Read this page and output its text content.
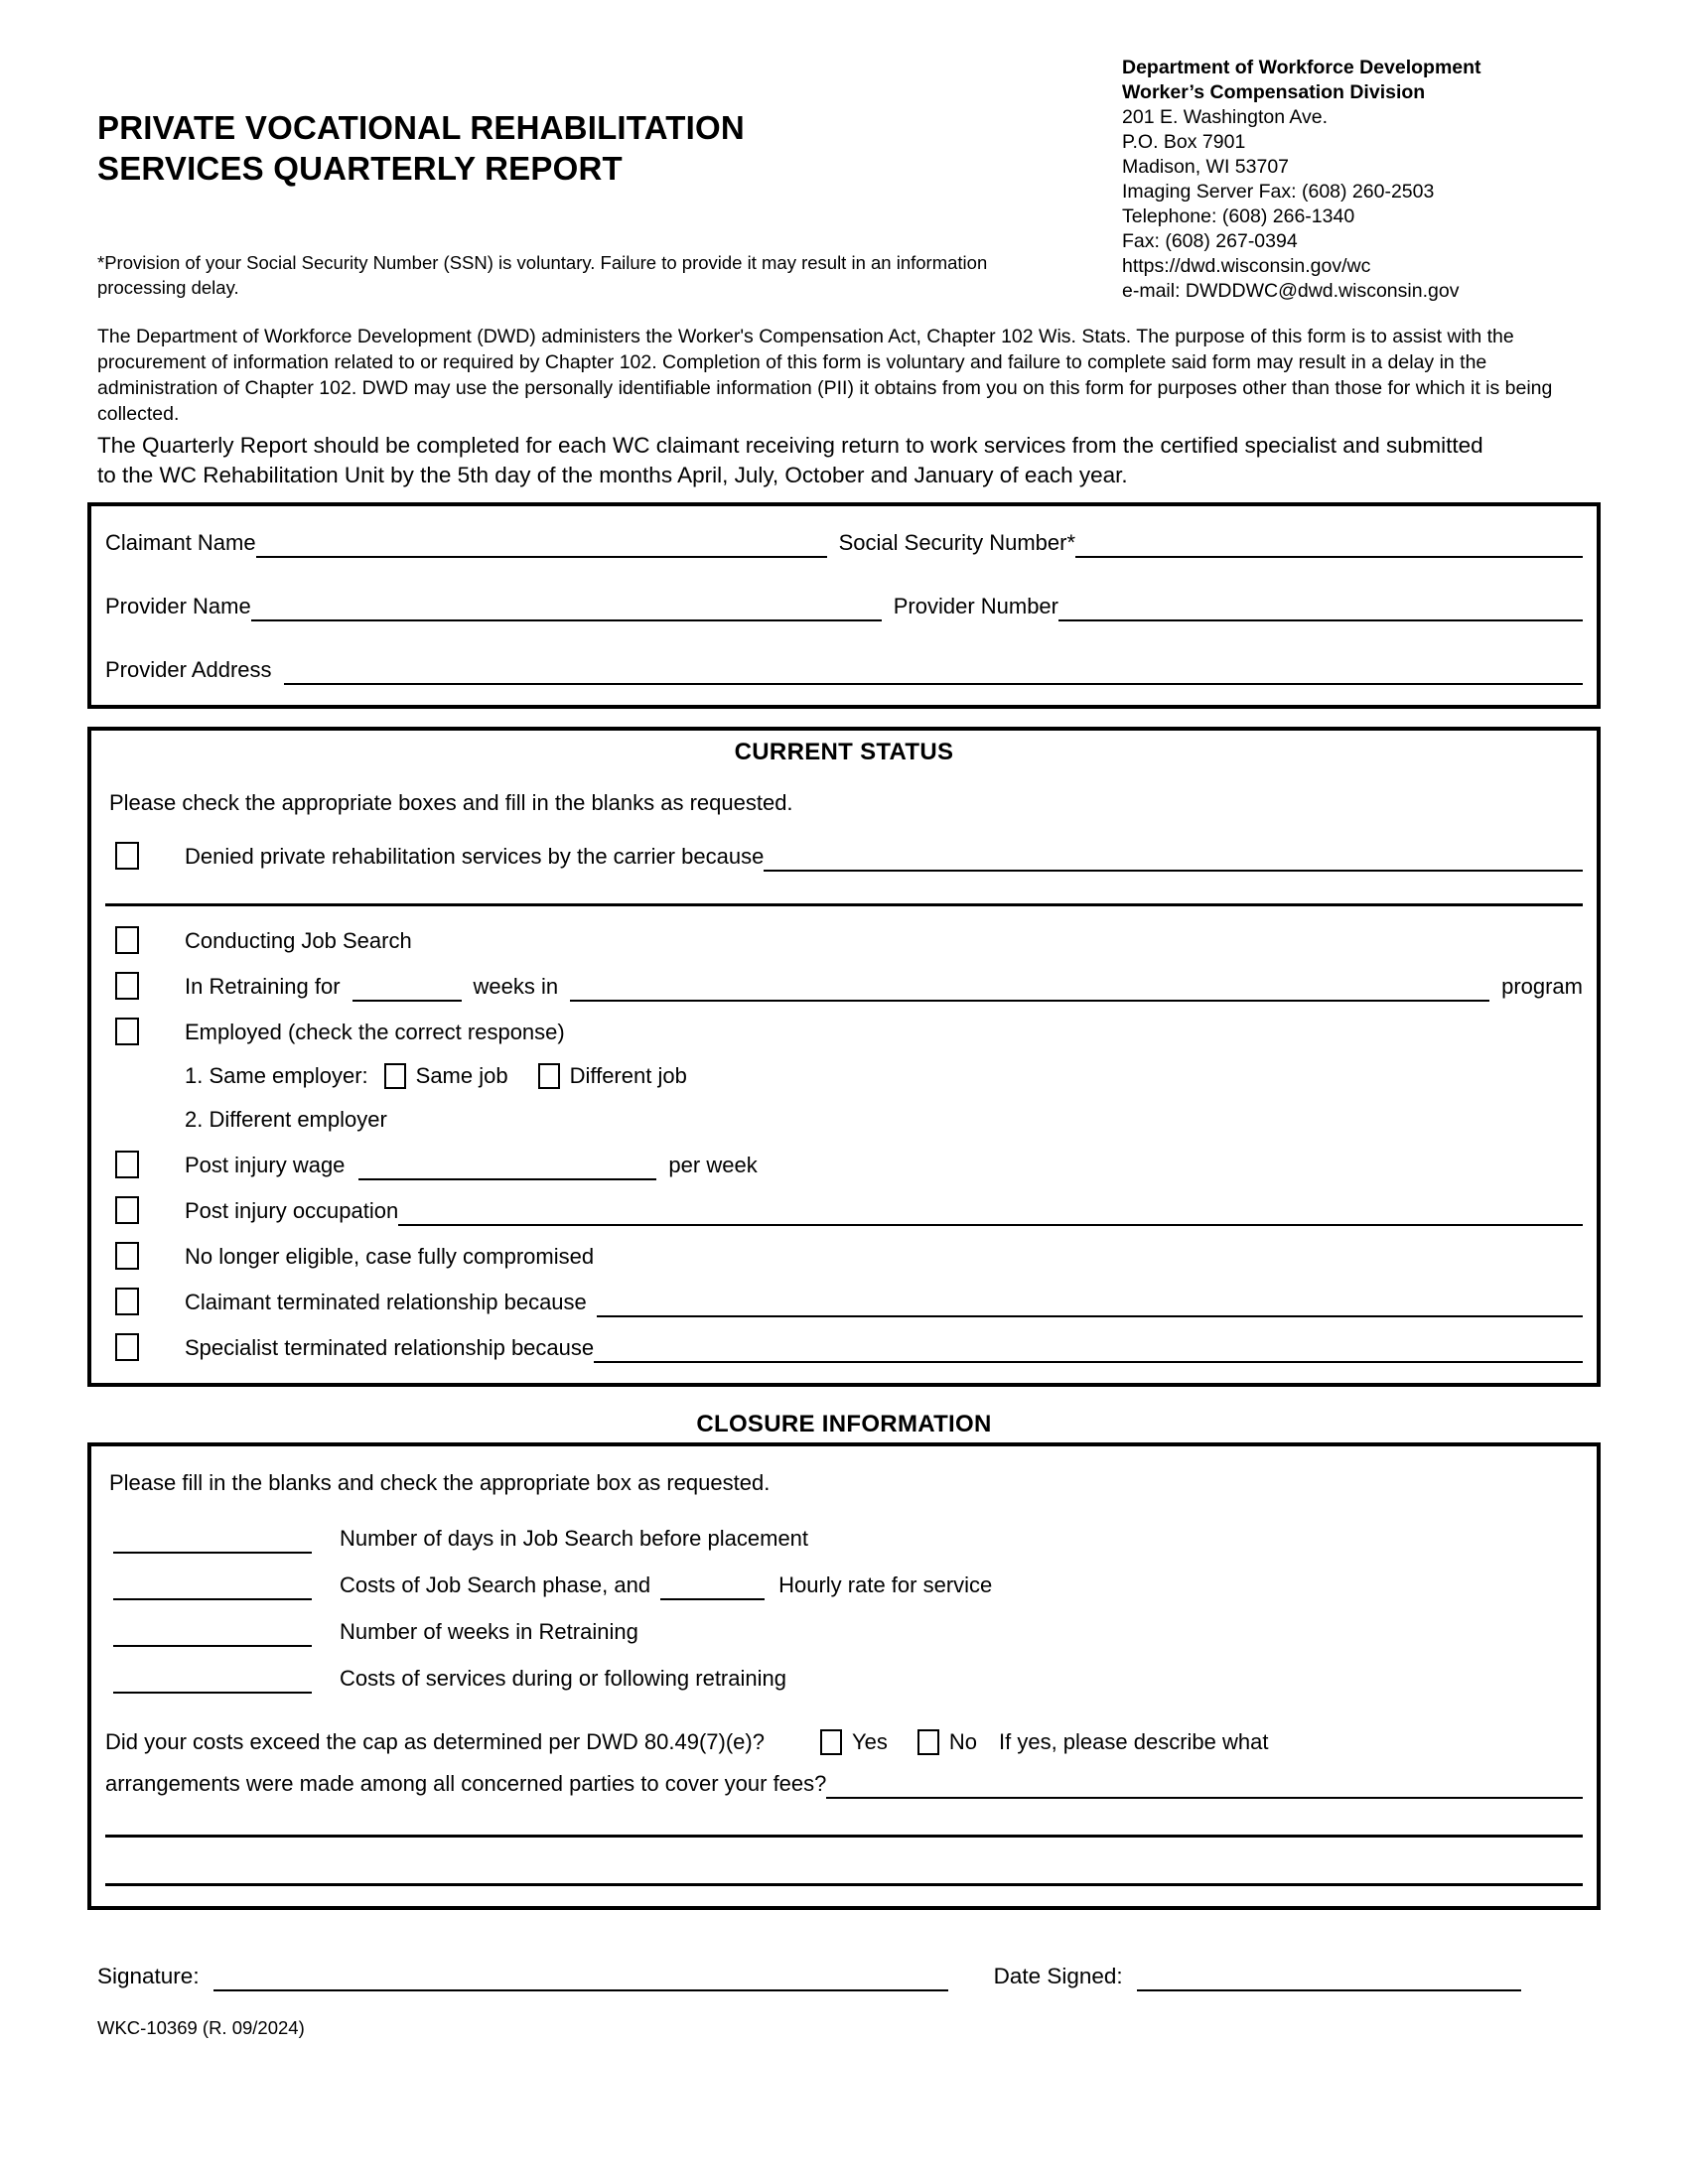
PRIVATE VOCATIONAL REHABILITATION
SERVICES QUARTERLY REPORT
*Provision of your Social Security Number (SSN) is voluntary. Failure to provide it may result in an information processing delay.
Department of Workforce Development
Worker’s Compensation Division
201 E. Washington Ave.
P.O. Box 7901
Madison, WI 53707
Imaging Server Fax: (608) 260-2503
Telephone: (608) 266-1340
Fax: (608) 267-0394
https://dwd.wisconsin.gov/wc
e-mail: DWDDWC@dwd.wisconsin.gov
The Department of Workforce Development (DWD) administers the Worker's Compensation Act, Chapter 102 Wis. Stats. The purpose of this form is to assist with the procurement of information related to or required by Chapter 102. Completion of this form is voluntary and failure to complete said form may result in a delay in the administration of Chapter 102. DWD may use the personally identifiable information (PII) it obtains from you on this form for purposes other than those for which it is being collected.
The Quarterly Report should be completed for each WC claimant receiving return to work services from the certified specialist and submitted to the WC Rehabilitation Unit by the 5th day of the months April, July, October and January of each year.
Claimant Name	Social Security Number*
Provider Name	Provider Number
Provider Address
CURRENT STATUS
Please check the appropriate boxes and fill in the blanks as requested.
Denied private rehabilitation services by the carrier because
Conducting Job Search
In Retraining for	weeks in	program
Employed (check the correct response)
1. Same employer: Same job	Different job
2. Different employer
Post injury wage	per week
Post injury occupation
No longer eligible, case fully compromised
Claimant terminated relationship because
Specialist terminated relationship because
CLOSURE INFORMATION
Please fill in the blanks and check the appropriate box as requested.
Number of days in Job Search before placement
Costs of Job Search phase, and	Hourly rate for service
Number of weeks in Retraining
Costs of services during or following retraining
Did your costs exceed the cap as determined per DWD 80.49(7)(e)?	Yes	No If yes, please describe what
arrangements were made among all concerned parties to cover your fees?
Signature:	Date Signed:
WKC-10369 (R. 09/2024)
